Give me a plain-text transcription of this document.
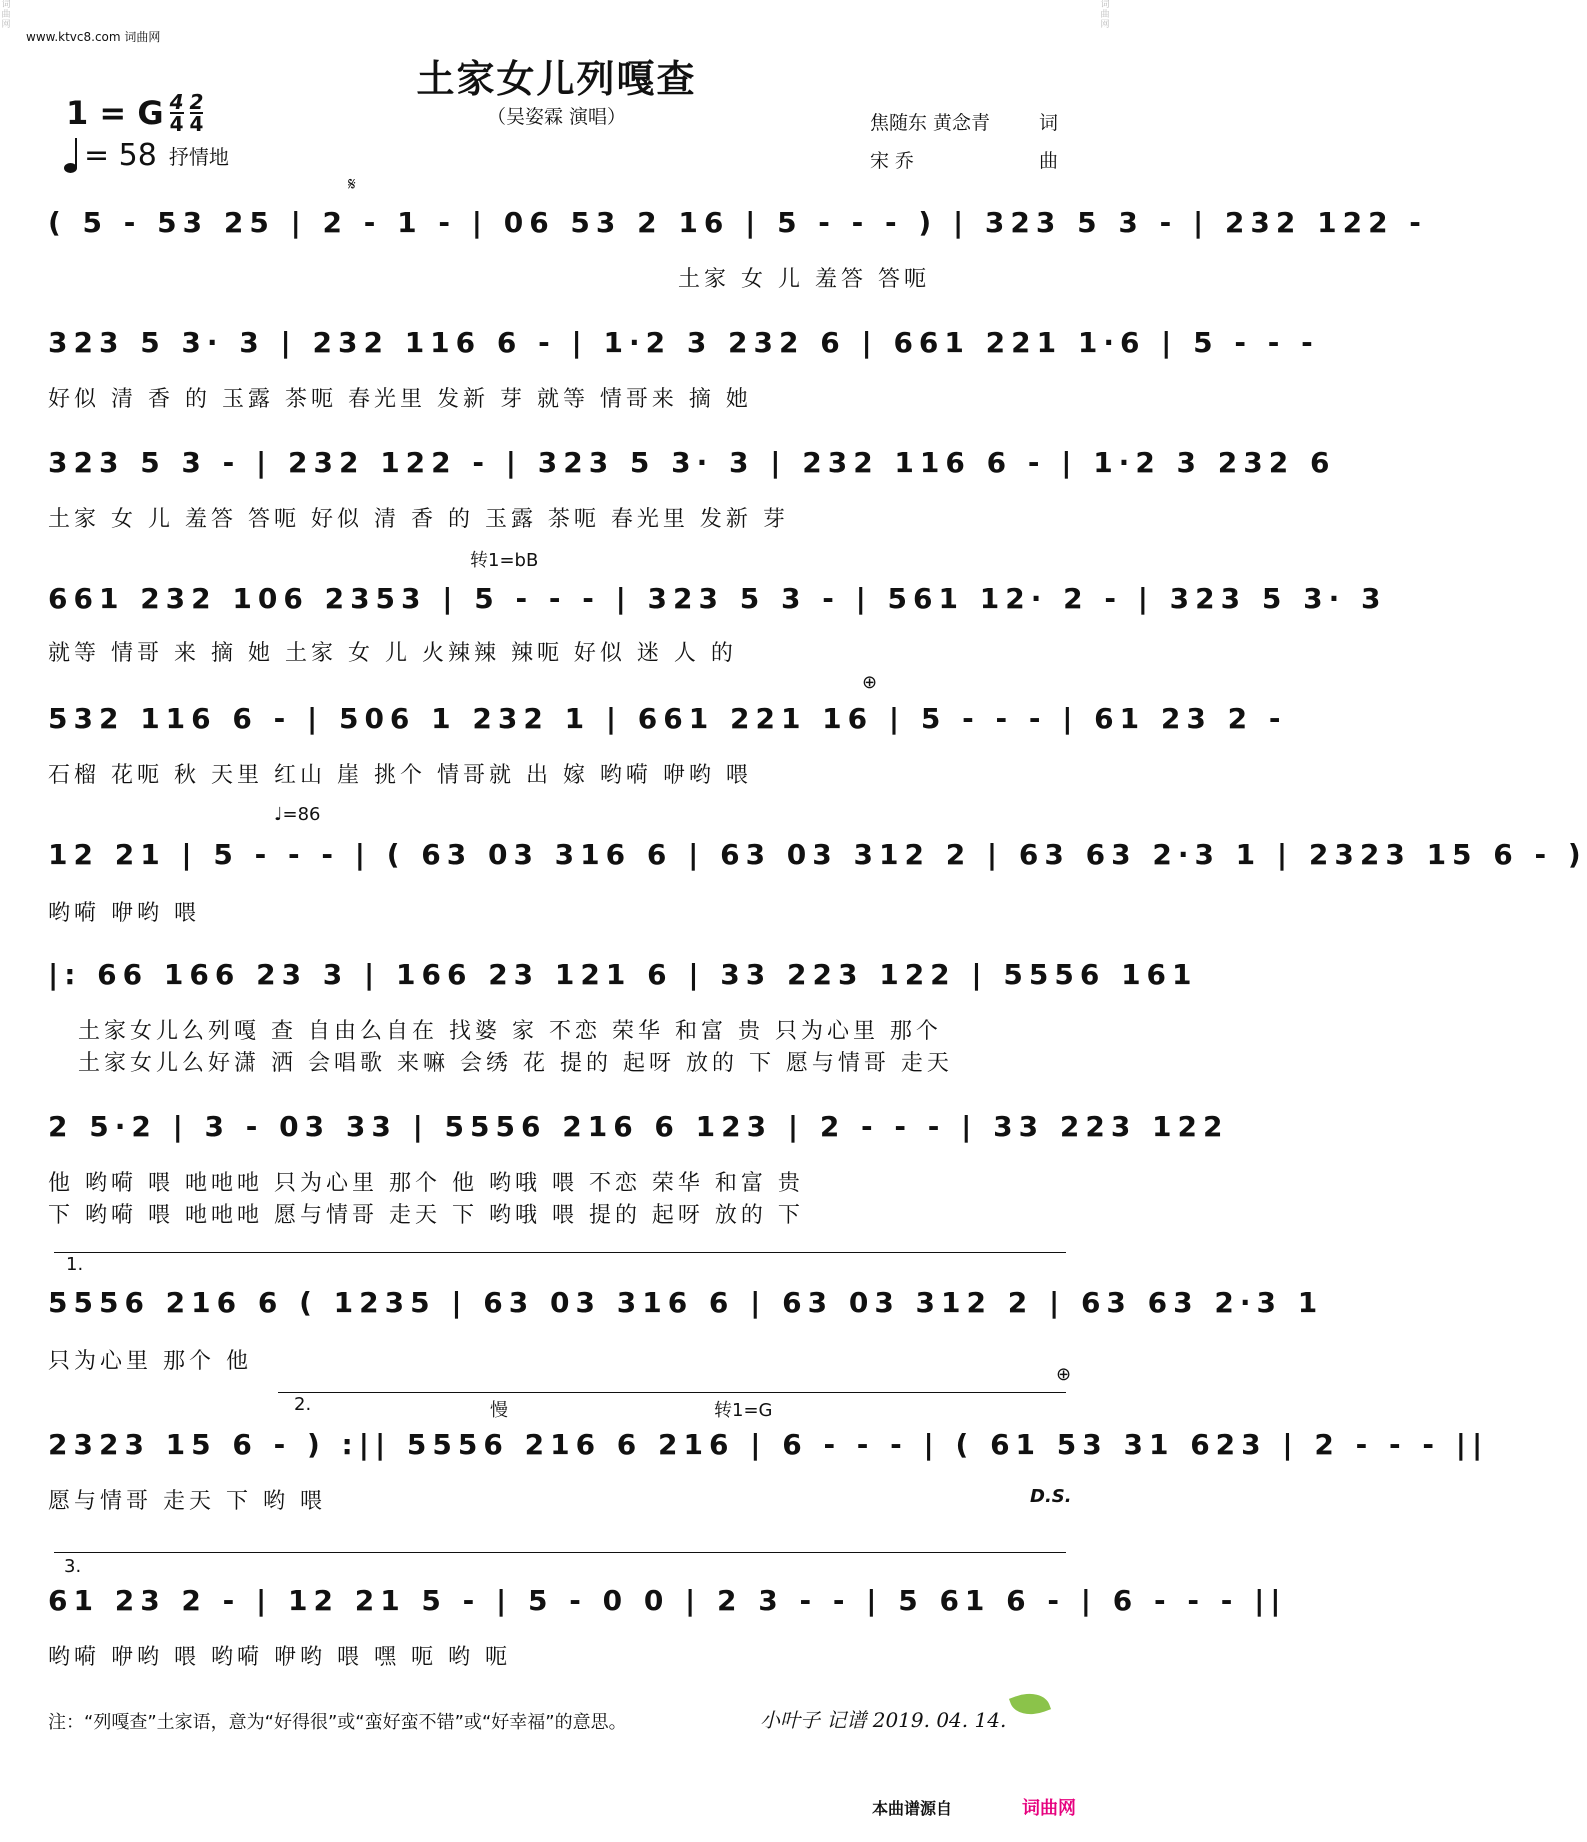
词曲网
词曲网
www.ktvc8.com 词曲网
土家女儿列嘎查
（吴姿霖 演唱）
1 = G $\frac{4}{4} \frac{2}{4}$
= 58 抒情地
焦随东 黄念青	词
宋 乔	曲
𝄋
转1=bB
⊕
♩=86
1.
2.	慢	转1=G
⊕
D.S.
3.
( 5 - 53 25 | 2 - 1 - | 06 53 2 16 | 5 - - - ) | 323 5 3 - | 232 122 -
土家 女 儿 羞答 答呃
323 5 3· 3 | 232 116 6 - | 1·2 3 232 6 | 661 221 1·6 | 5 - - -
好似 清 香 的 玉露 茶呃 春光里 发新 芽 就等 情哥来 摘 她
323 5 3 - | 232 122 - | 323 5 3· 3 | 232 116 6 - | 1·2 3 232 6
土家 女 儿 羞答 答呃 好似 清 香 的 玉露 茶呃 春光里 发新 芽
661 232 106 2353 | 5 - - - | 323 5 3 - | 561 12· 2 - | 323 5 3· 3
就等 情哥 来 摘 她 土家 女 儿 火辣辣 辣呃 好似 迷 人 的
532 116 6 - | 506 1 232 1 | 661 221 16 | 5 - - - | 61 23 2 -
石榴 花呃 秋 天里 红山 崖 挑个 情哥就 出 嫁 哟嗬 咿哟 喂
12 21 | 5 - - - | ( 63 03 316 6 | 63 03 312 2 | 63 63 2·3 1 | 2323 15 6 - )
哟嗬 咿哟 喂
|: 66 166 23 3 | 166 23 121 6 | 33 223 122 | 5556 161
土家女儿么列嘎 查 自由么自在 找婆 家 不恋 荣华 和富 贵 只为心里 那个
土家女儿么好潇 洒 会唱歌 来嘛 会绣 花 提的 起呀 放的 下 愿与情哥 走天
2 5·2 | 3 - 03 33 | 5556 216 6 123 | 2 - - - | 33 223 122
他 哟嗬 喂 吔吔吔 只为心里 那个 他 哟哦 喂 不恋 荣华 和富 贵
下 哟嗬 喂 吔吔吔 愿与情哥 走天 下 哟哦 喂 提的 起呀 放的 下
5556 216 6 ( 1235 | 63 03 316 6 | 63 03 312 2 | 63 63 2·3 1
只为心里 那个 他
2323 15 6 - ) :|| 5556 216 6 216 | 6 - - - | ( 61 53 31 623 | 2 - - - ||
愿与情哥 走天 下 哟 喂
61 23 2 - | 12 21 5 - | 5 - 0 0 | 2 3 - - | 5 61 6 - | 6 - - - ||
哟嗬 咿哟 喂 哟嗬 咿哟 喂 嘿 呃 哟 呃
注：“列嘎查”土家语，意为“好得很”或“蛮好蛮不错”或“好幸福”的意思。	小叶子 记谱 2019. 04. 14.
本曲谱源自	词曲网
